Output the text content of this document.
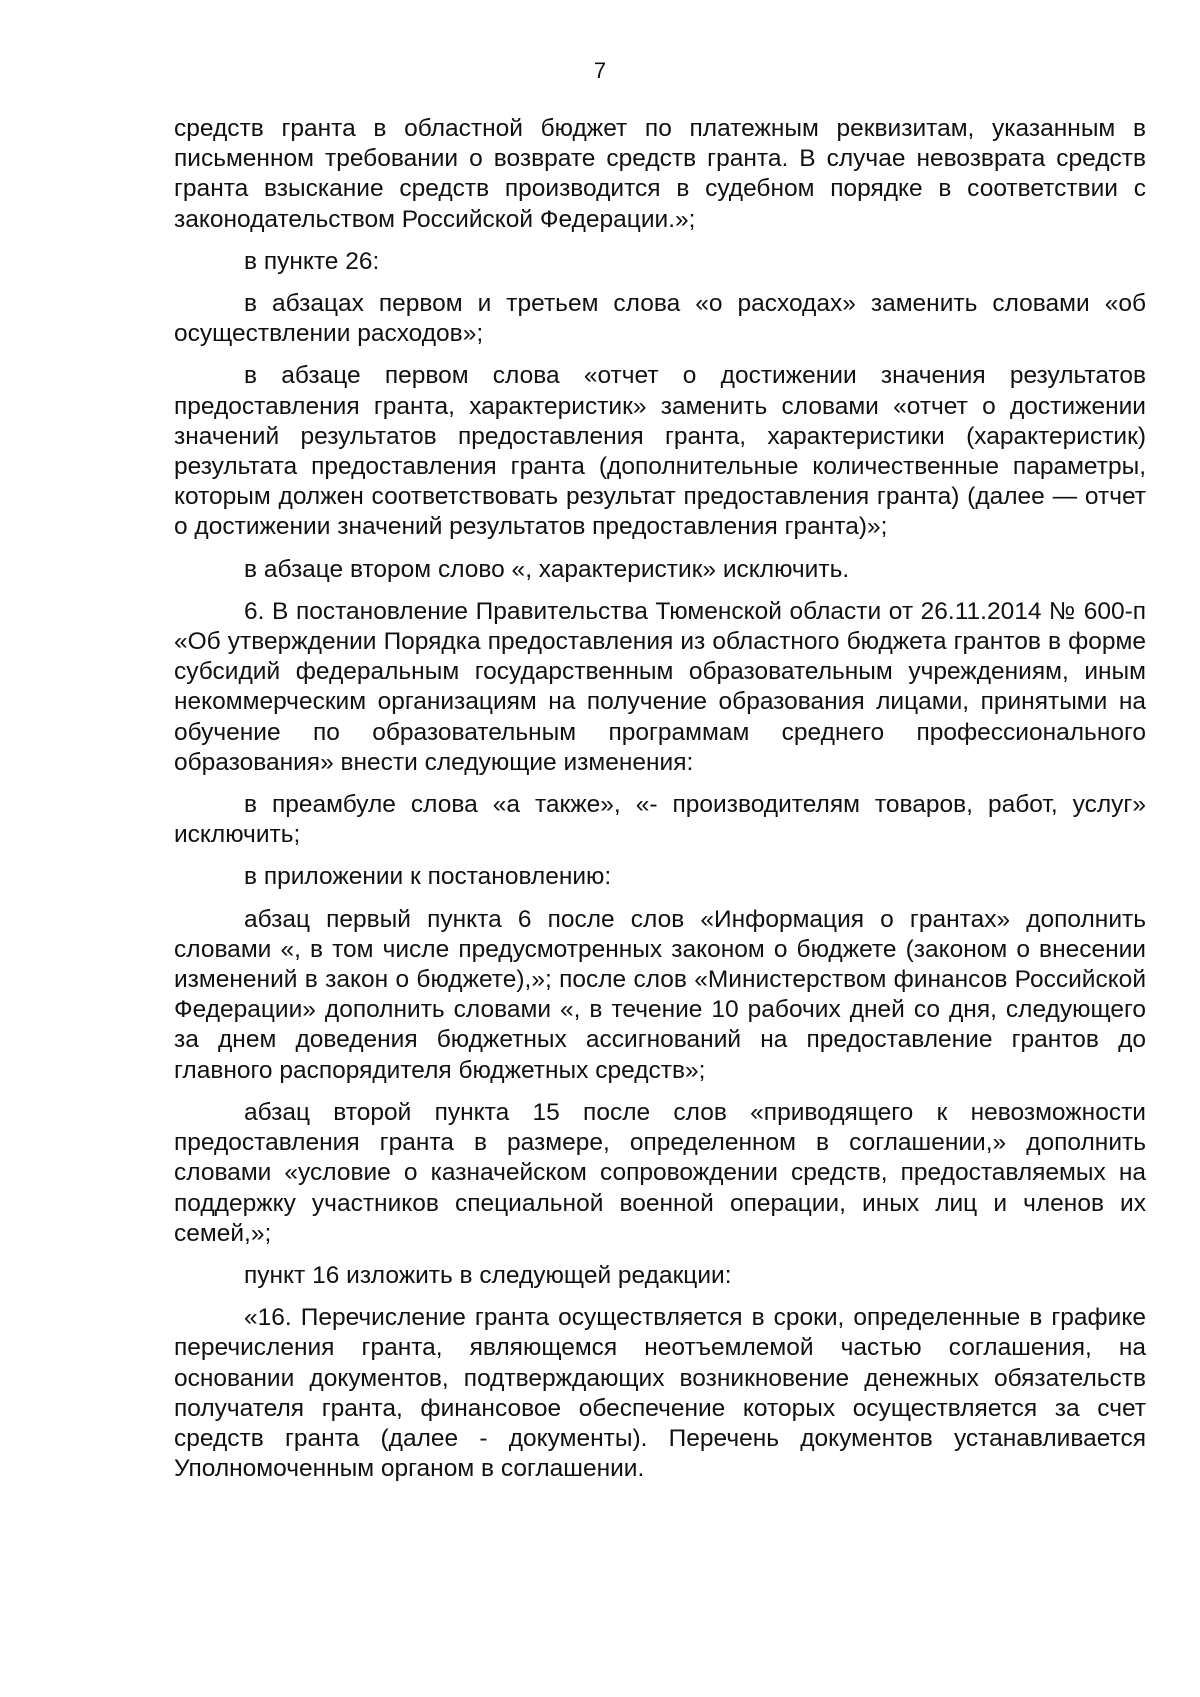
7

средств гранта в областной бюджет по платежным реквизитам, указанным в письменном требовании о возврате средств гранта. В случае невозврата средств гранта взыскание средств производится в судебном порядке в соответствии с законодательством Российской Федерации.»;

в пункте 26:

в абзацах первом и третьем слова «о расходах» заменить словами «об осуществлении расходов»;

в абзаце первом слова «отчет о достижении значения результатов предоставления гранта, характеристик» заменить словами «отчет о достижении значений результатов предоставления гранта, характеристики (характеристик) результата предоставления гранта (дополнительные количественные параметры, которым должен соответствовать результат предоставления гранта) (далее — отчет о достижении значений результатов предоставления гранта)»;

в абзаце втором слово «, характеристик» исключить.

6. В постановление Правительства Тюменской области от 26.11.2014 № 600-п «Об утверждении Порядка предоставления из областного бюджета грантов в форме субсидий федеральным государственным образовательным учреждениям, иным некоммерческим организациям на получение образования лицами, принятыми на обучение по образовательным программам среднего профессионального образования» внести следующие изменения:

в преамбуле слова «а также», «- производителям товаров, работ, услуг» исключить;

в приложении к постановлению:

абзац первый пункта 6 после слов «Информация о грантах» дополнить словами «, в том числе предусмотренных законом о бюджете (законом о внесении изменений в закон о бюджете),»; после слов «Министерством финансов Российской Федерации» дополнить словами «, в течение 10 рабочих дней со дня, следующего за днем доведения бюджетных ассигнований на предоставление грантов до главного распорядителя бюджетных средств»;

абзац второй пункта 15 после слов «приводящего к невозможности предоставления гранта в размере, определенном в соглашении,» дополнить словами «условие о казначейском сопровождении средств, предоставляемых на поддержку участников специальной военной операции, иных лиц и членов их семей,»;

пункт 16 изложить в следующей редакции:

«16. Перечисление гранта осуществляется в сроки, определенные в графике перечисления гранта, являющемся неотъемлемой частью соглашения, на основании документов, подтверждающих возникновение денежных обязательств получателя гранта, финансовое обеспечение которых осуществляется за счет средств гранта (далее - документы). Перечень документов устанавливается Уполномоченным органом в соглашении.
